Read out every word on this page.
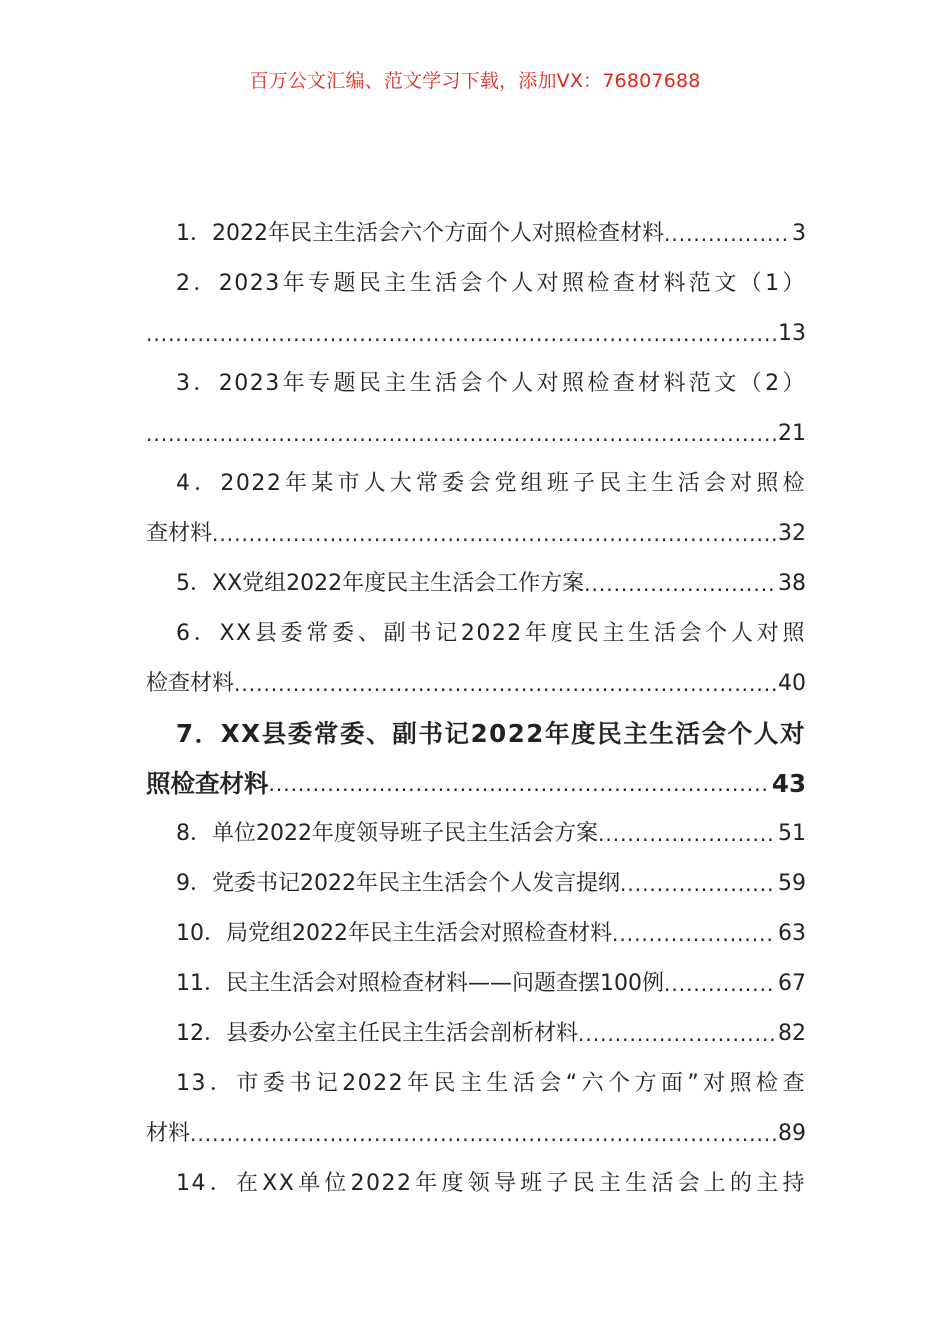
百万公文汇编、范文学习下载，添加VX：76807688
1．2022年民主生活会六个方面个人对照检查材料 .....	3
2．2023年专题民主生活会个人对照检查材料范文（1）
.....
13
3．2023年专题民主生活会个人对照检查材料范文（2）
.....
21
4．2022年某市人大常委会党组班子民主生活会对照检
查材料 .....	32
5．XX党组2022年度民主生活会工作方案 .....	38
6．XX县委常委、副书记2022年度民主生活会个人对照
检查材料 .....	40
7．XX县委常委、副书记2022年度民主生活会个人对
照检查材料 .....	43
8．单位2022年度领导班子民主生活会方案 .....	51
9．党委书记2022年民主生活会个人发言提纲 .....	59
10．局党组2022年民主生活会对照检查材料 .....	63
11．民主生活会对照检查材料——问题查摆100例 .....	67
12．县委办公室主任民主生活会剖析材料 .....	82
13．市委书记2022年民主生活会“六个方面”对照检查
材料 .....	89
14．在XX单位2022年度领导班子民主生活会上的主持
